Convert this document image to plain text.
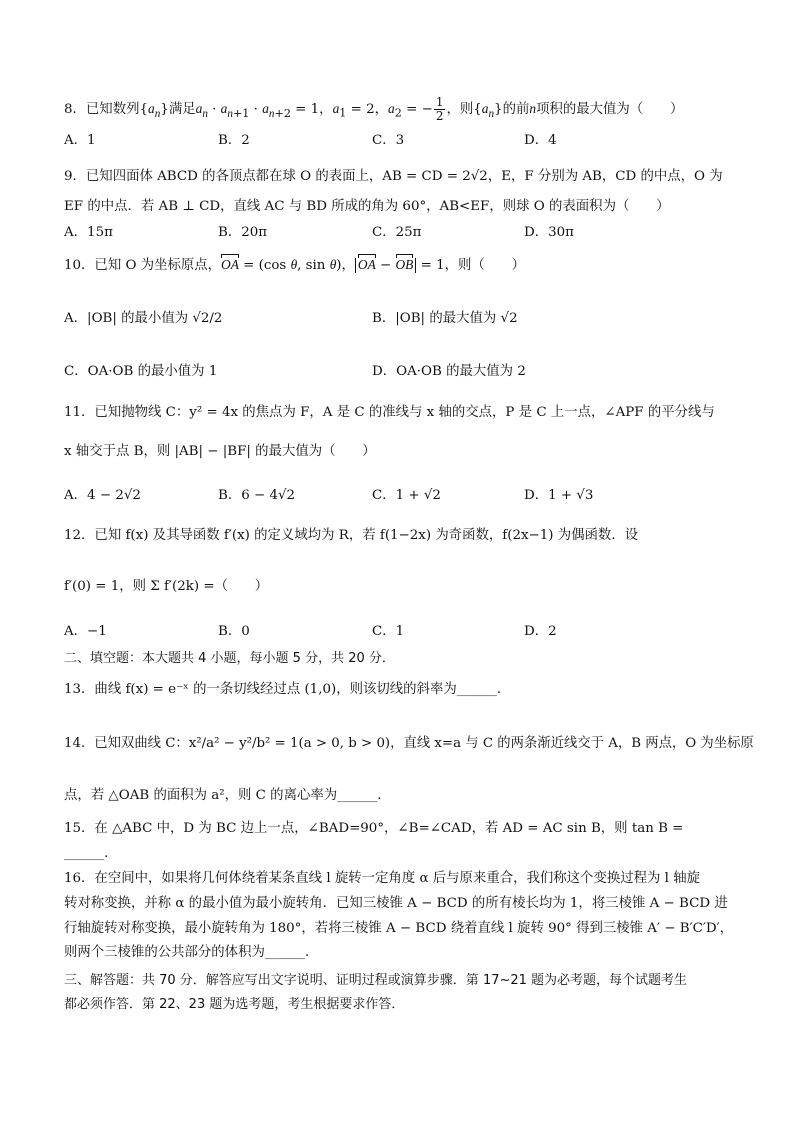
8．已知数列$\{a_n\}$满足$a_n \cdot a_{n+1} \cdot a_{n+2} = 1$，$a_1 = 2$，$a_2$ = − $\frac{1}{2}$ ，则$\{a_n\}$的前n项积的最大值为（　　）
A．1	B．2	C．3	D．4
9．已知四面体 ABCD 的各顶点都在球 O 的表面上，AB = CD = 2√2，E，F 分别为 AB，CD 的中点，O 为
EF 的中点．若 AB ⊥ CD，直线 AC 与 BD 所成的角为 60°，AB<EF，则球 O 的表面积为（　　）
A．15π	B．20π	C．25π	D．30π
10．已知 O 为坐标原点，OA = (cos θ, sin θ)， OA − OB = 1，则（　　）
A．|OB| 的最小值为 √2/2	B．|OB| 的最大值为 √2
C．OA·OB 的最小值为 1	D．OA·OB 的最大值为 2
11．已知抛物线 C：y² = 4x 的焦点为 F，A 是 C 的准线与 x 轴的交点，P 是 C 上一点，∠APF 的平分线与
x 轴交于点 B，则 |AB| − |BF| 的最大值为（　　）
A．4 − 2√2	B．6 − 4√2	C．1 + √2	D．1 + √3
12．已知 f(x) 及其导函数 f′(x) 的定义域均为 R，若 f(1−2x) 为奇函数，f(2x−1) 为偶函数．设
f′(0) = 1，则 Σ f′(2k) =（　　）
A．−1	B．0	C．1	D．2
二、填空题：本大题共 4 小题，每小题 5 分，共 20 分．
13．曲线 f(x) = e⁻ˣ 的一条切线经过点 (1,0)，则该切线的斜率为______．
14．已知双曲线 C：x²/a² − y²/b² = 1(a > 0, b > 0)，直线 x=a 与 C 的两条渐近线交于 A，B 两点，O 为坐标原
点，若 △OAB 的面积为 a²，则 C 的离心率为______．
15．在 △ABC 中，D 为 BC 边上一点，∠BAD=90°，∠B=∠CAD，若 AD = AC sin B，则 tan B =
______．
16．在空间中，如果将几何体绕着某条直线 l 旋转一定角度 α 后与原来重合，我们称这个变换过程为 l 轴旋
转对称变换，并称 α 的最小值为最小旋转角．已知三棱锥 A − BCD 的所有棱长均为 1，将三棱锥 A − BCD 进
行轴旋转对称变换，最小旋转角为 180°，若将三棱锥 A − BCD 绕着直线 l 旋转 90° 得到三棱锥 A′ − B′C′D′，
则两个三棱锥的公共部分的体积为______．
三、解答题：共 70 分．解答应写出文字说明、证明过程或演算步骤．第 17~21 题为必考题，每个试题考生
都必须作答．第 22、23 题为选考题，考生根据要求作答．
